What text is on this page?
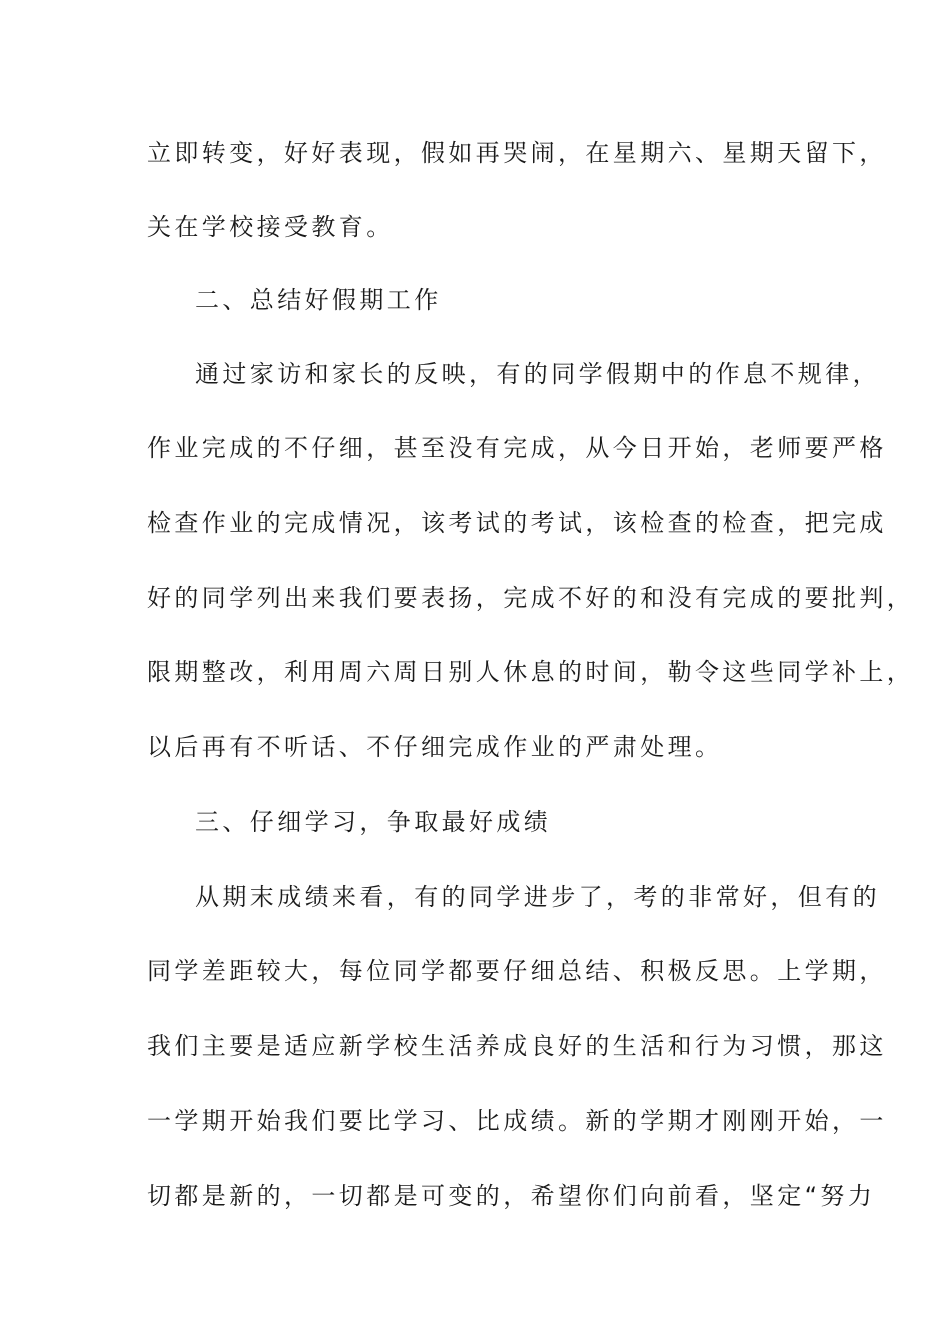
立即转变，好好表现，假如再哭闹，在星期六、星期天留下，
关在学校接受教育。
二、总结好假期工作
通过家访和家长的反映，有的同学假期中的作息不规律，
作业完成的不仔细，甚至没有完成，从今日开始，老师要严格
检查作业的完成情况，该考试的考试，该检查的检查，把完成
好的同学列出来我们要表扬，完成不好的和没有完成的要批判，
限期整改，利用周六周日别人休息的时间，勒令这些同学补上，
以后再有不听话、不仔细完成作业的严肃处理。
三、仔细学习，争取最好成绩
从期末成绩来看，有的同学进步了，考的非常好，但有的
同学差距较大，每位同学都要仔细总结、积极反思。上学期，
我们主要是适应新学校生活养成良好的生活和行为习惯，那这
一学期开始我们要比学习、比成绩。新的学期才刚刚开始，一
切都是新的，一切都是可变的，希望你们向前看，坚定“努力
